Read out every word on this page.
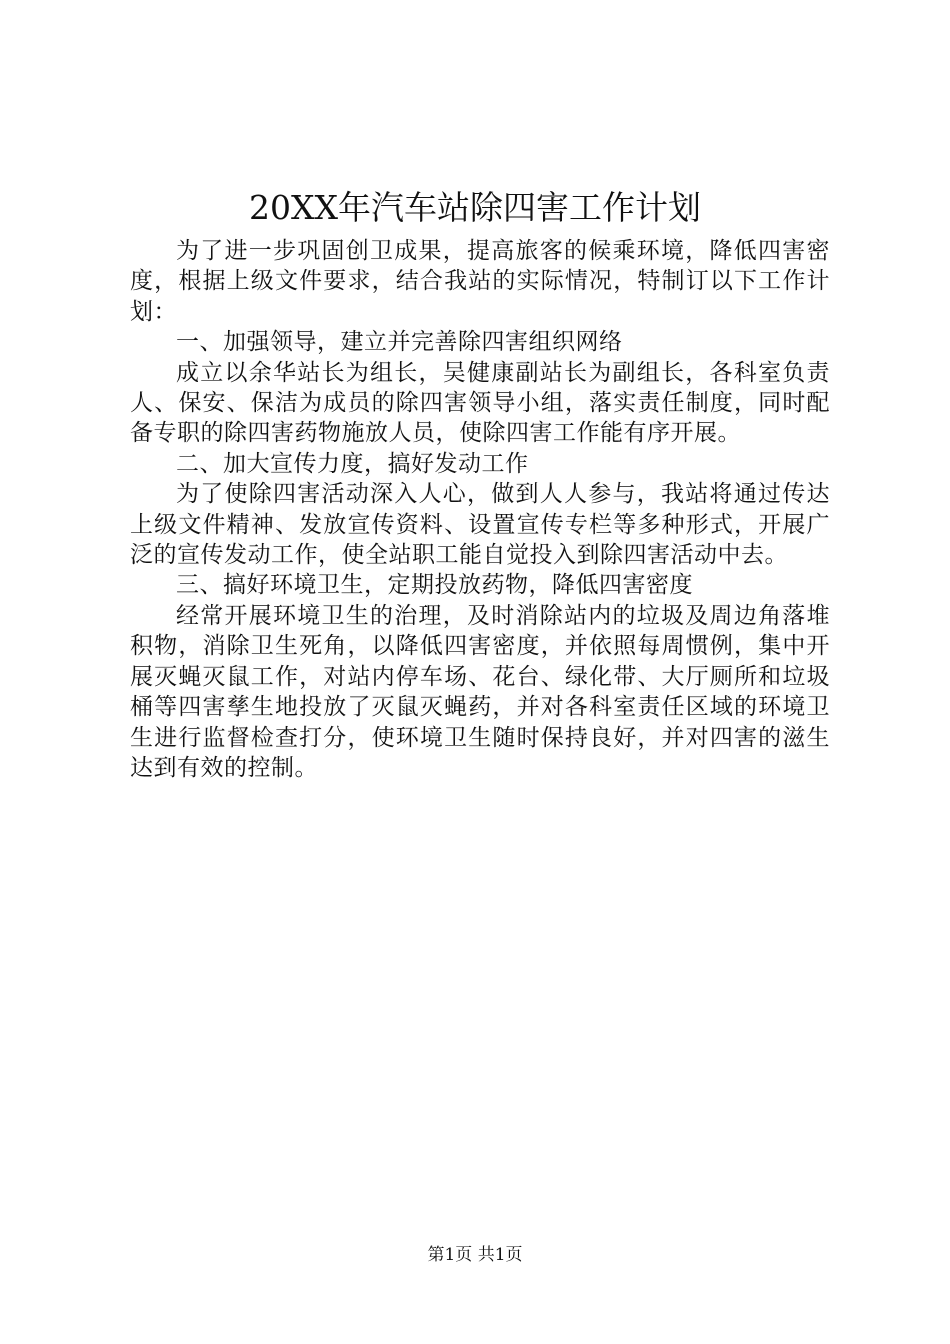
20XX年汽车站除四害工作计划

为了进一步巩固创卫成果，提高旅客的候乘环境，降低四害密度，根据上级文件要求，结合我站的实际情况，特制订以下工作计划：

一、加强领导，建立并完善除四害组织网络

成立以余华站长为组长，吴健康副站长为副组长，各科室负责人、保安、保洁为成员的除四害领导小组，落实责任制度，同时配备专职的除四害药物施放人员，使除四害工作能有序开展。

二、加大宣传力度，搞好发动工作

为了使除四害活动深入人心，做到人人参与，我站将通过传达上级文件精神、发放宣传资料、设置宣传专栏等多种形式，开展广泛的宣传发动工作，使全站职工能自觉投入到除四害活动中去。

三、搞好环境卫生，定期投放药物，降低四害密度

经常开展环境卫生的治理，及时消除站内的垃圾及周边角落堆积物，消除卫生死角，以降低四害密度，并依照每周惯例，集中开展灭蝇灭鼠工作，对站内停车场、花台、绿化带、大厅厕所和垃圾桶等四害孳生地投放了灭鼠灭蝇药，并对各科室责任区域的环境卫生进行监督检查打分，使环境卫生随时保持良好，并对四害的滋生达到有效的控制。

第1页 共1页
